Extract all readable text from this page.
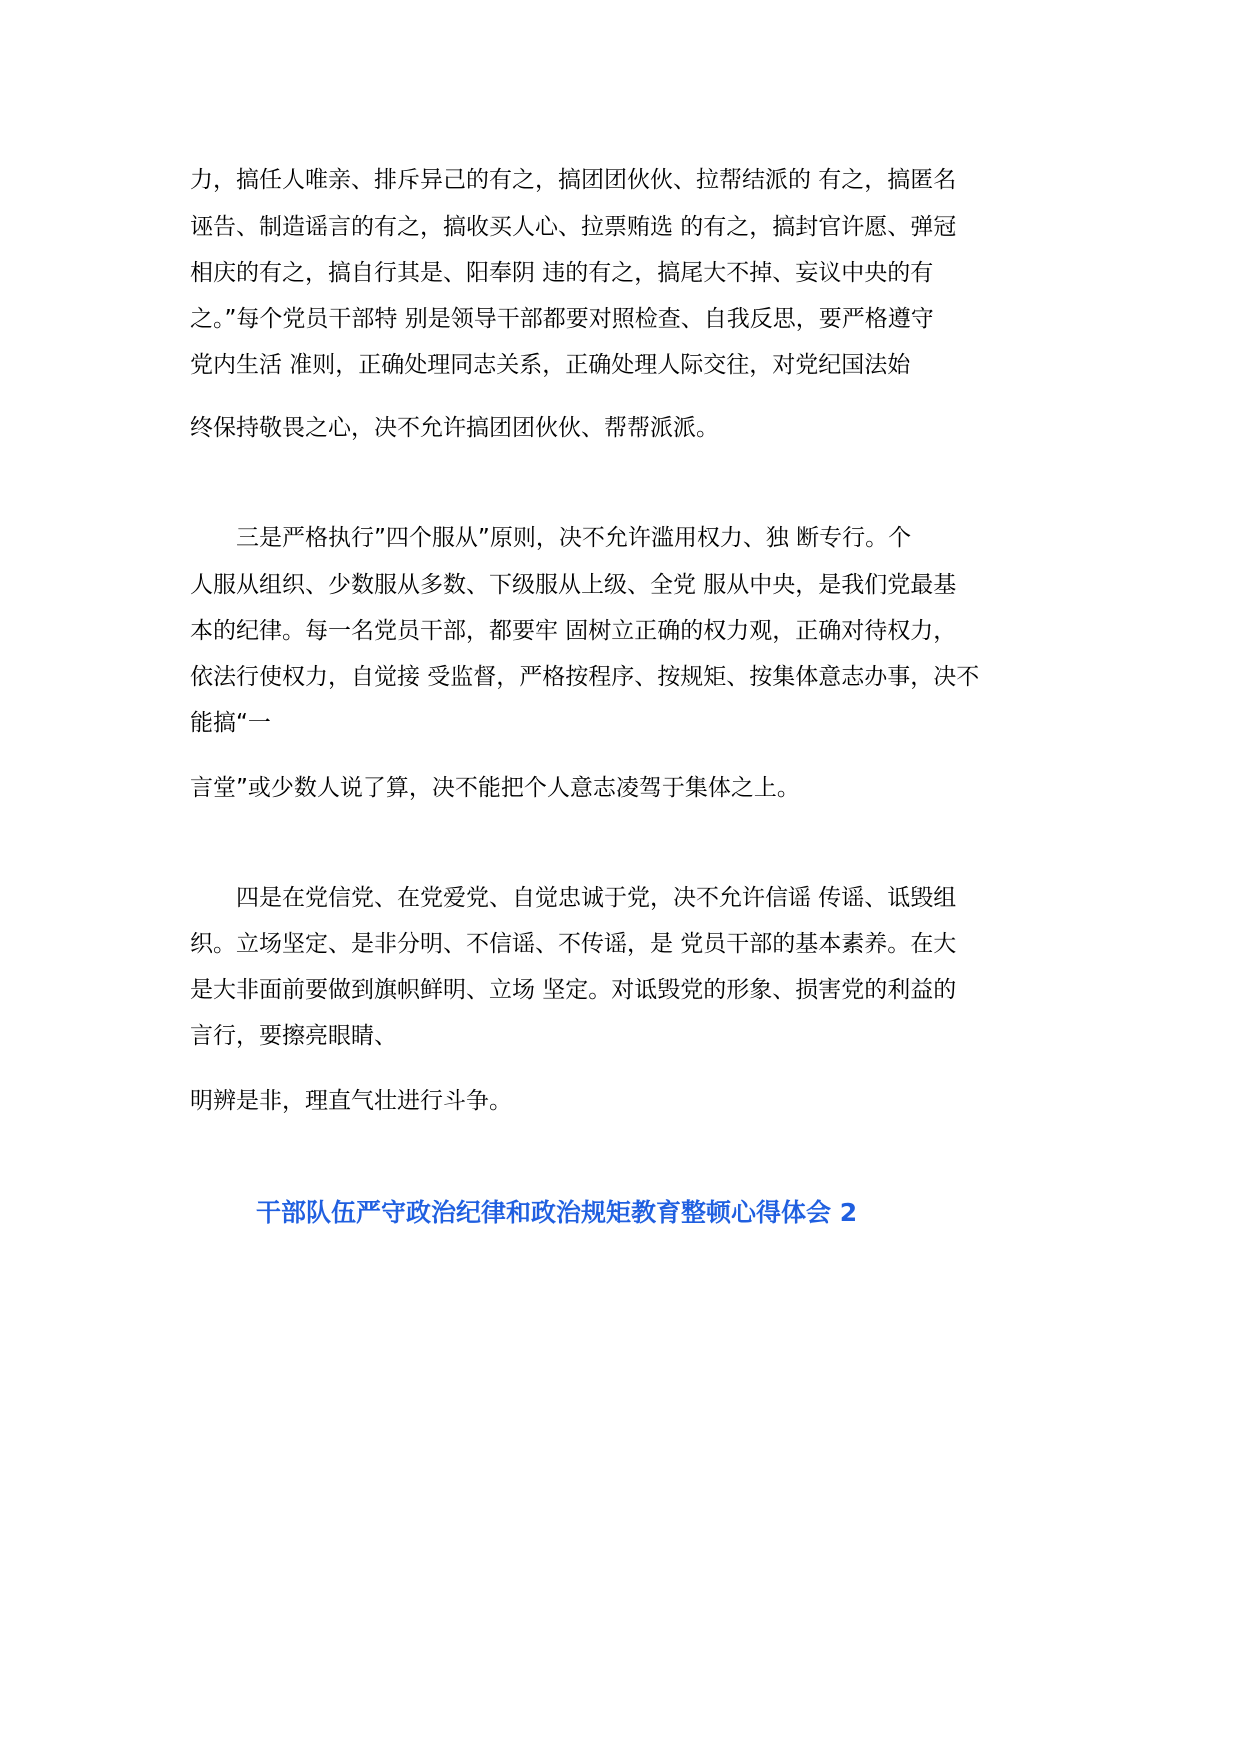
力，搞任人唯亲、排斥异己的有之，搞团团伙伙、拉帮结派的 有之，搞匿名
诬告、制造谣言的有之，搞收买人心、拉票贿选 的有之，搞封官许愿、弹冠
相庆的有之，搞自行其是、阳奉阴 违的有之，搞尾大不掉、妄议中央的有
之。”每个党员干部特 别是领导干部都要对照检查、自我反思，要严格遵守
党内生活 准则，正确处理同志关系，正确处理人际交往，对党纪国法始
终保持敬畏之心，决不允许搞团团伙伙、帮帮派派。
　　三是严格执行”四个服从”原则，决不允许滥用权力、独 断专行。个
人服从组织、少数服从多数、下级服从上级、全党 服从中央，是我们党最基
本的纪律。每一名党员干部，都要牢 固树立正确的权力观，正确对待权力，
依法行使权力，自觉接 受监督，严格按程序、按规矩、按集体意志办事，决不
能搞“一
言堂”或少数人说了算，决不能把个人意志凌驾于集体之上。
　　四是在党信党、在党爱党、自觉忠诚于党，决不允许信谣 传谣、诋毁组
织。立场坚定、是非分明、不信谣、不传谣，是 党员干部的基本素养。在大
是大非面前要做到旗帜鲜明、立场 坚定。对诋毁党的形象、损害党的利益的
言行，要擦亮眼睛、
明辨是非，理直气壮进行斗争。
干部队伍严守政治纪律和政治规矩教育整顿心得体会 2
